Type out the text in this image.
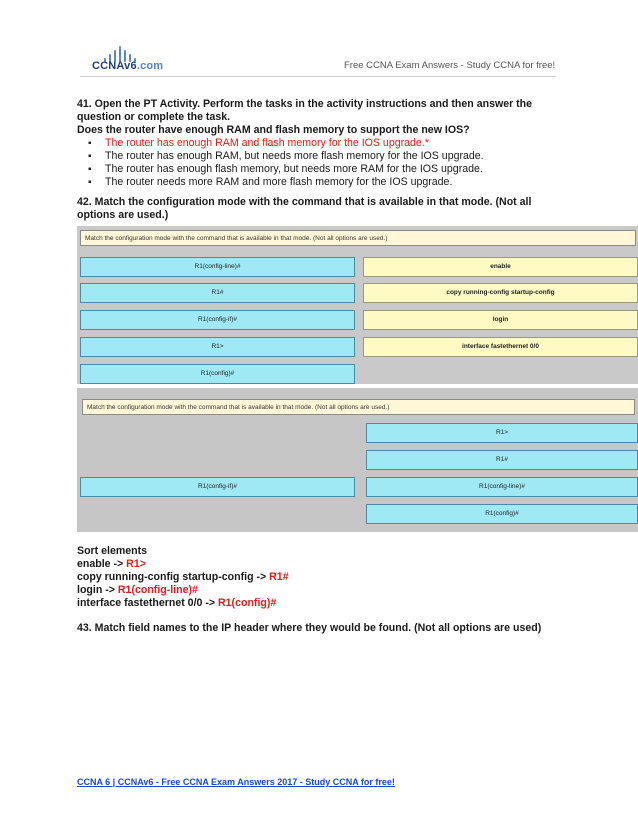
CCNAv6.com	Free CCNA Exam Answers - Study CCNA for free!
41. Open the PT Activity. Perform the tasks in the activity instructions and then answer the
question or complete the task.
Does the router have enough RAM and flash memory to support the new IOS?
▪ The router has enough RAM and flash memory for the IOS upgrade.*
▪ The router has enough RAM, but needs more flash memory for the IOS upgrade.
▪ The router has enough flash memory, but needs more RAM for the IOS upgrade.
▪ The router needs more RAM and more flash memory for the IOS upgrade.
42. Match the configuration mode with the command that is available in that mode. (Not all options are used.)
Match the configuration mode with the command that is available in that mode. (Not all options are used.)
R1(config-line)#
R1#
R1(config-if)#
R1>
R1(config)#
enable
copy running-config startup-config
login
interface fastethernet 0/0
Match the configuration mode with the command that is available in that mode. (Not all options are used.)
R1(config-if)#
R1>
R1#
R1(config-line)#
R1(config)#
Sort elements
enable -> R1>
copy running-config startup-config -> R1#
login -> R1(config-line)#
interface fastethernet 0/0 -> R1(config)#
43. Match field names to the IP header where they would be found. (Not all options are used)
CCNA 6 | CCNAv6 - Free CCNA Exam Answers 2017 - Study CCNA for free!
